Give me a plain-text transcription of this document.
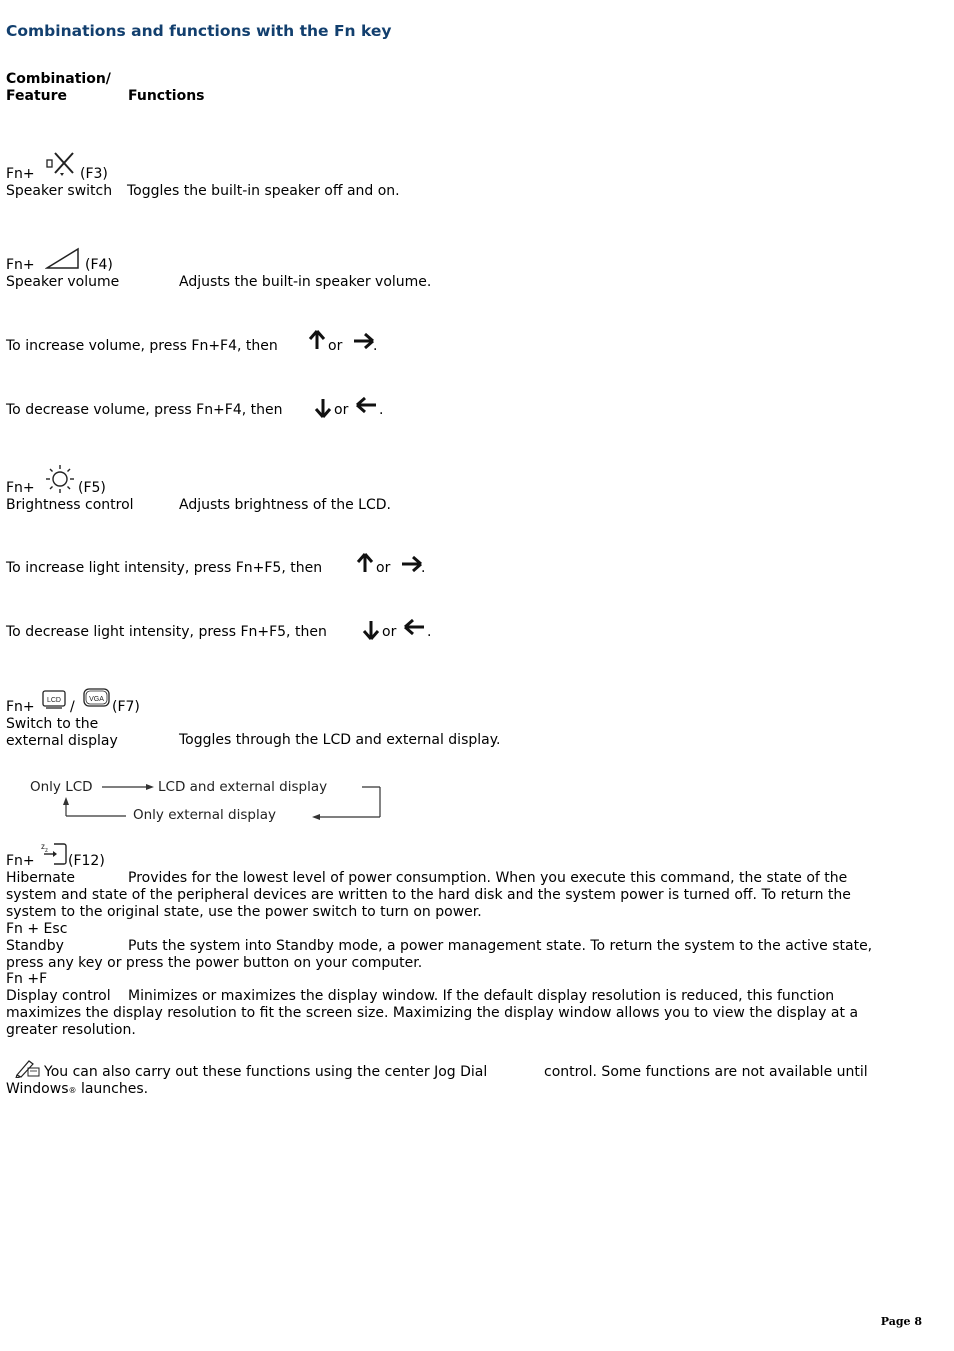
Combinations and functions with the Fn key
Combination/
Feature	Functions
Fn+	(F3)
Speaker switch Toggles the built-in speaker off and on.
Fn+	(F4)
Speaker volume	Adjusts the built-in speaker volume.
To increase volume, press Fn+F4, then	or .
To decrease volume, press Fn+F4, then	or .
Fn+	(F5)
Brightness control	Adjusts brightness of the LCD.
To increase light intensity, press Fn+F5, then	or .
To decrease light intensity, press Fn+F5, then	or .
Fn+ LCD / VGA (F7)
Switch to the
external display	Toggles through the LCD and external display.
Only LCD	LCD and external display
Only external display
Fn+
z z
(F12)
Hibernate	Provides for the lowest level of power consumption. When you execute this command, the state of the
system and state of the peripheral devices are written to the hard disk and the system power is turned off. To return the
system to the original state, use the power switch to turn on power.
Fn + Esc
Standby	Puts the system into Standby mode, a power management state. To return the system to the active state,
press any key or press the power button on your computer.
Fn +F
Display control Minimizes or maximizes the display window. If the default display resolution is reduced, this function
maximizes the display resolution to fit the screen size. Maximizing the display window allows you to view the display at a
greater resolution.
You can also carry out these functions using the center Jog Dial	control. Some functions are not available until
Windows® launches.
Page 8
